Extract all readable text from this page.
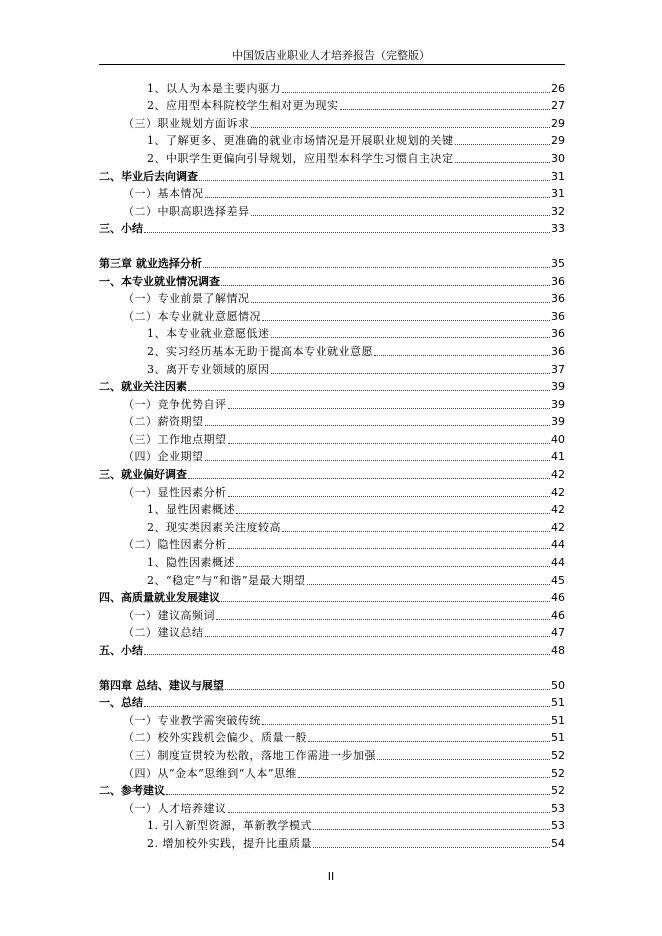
中国饭店业职业人才培养报告（完整版）
1、以人为本是主要内驱力	26
2、应用型本科院校学生相对更为现实	27
（三）职业规划方面诉求	29
1、了解更多、更准确的就业市场情况是开展职业规划的关键	29
2、中职学生更偏向引导规划，应用型本科学生习惯自主决定	30
二、毕业后去向调查	31
（一）基本情况	31
（二）中职高职选择差异	32
三、小结	33
第三章 就业选择分析	35
一、本专业就业情况调查	36
（一）专业前景了解情况	36
（二）本专业就业意愿情况	36
1、本专业就业意愿低迷	36
2、实习经历基本无助于提高本专业就业意愿	36
3、离开专业领域的原因	37
二、就业关注因素	39
（一）竞争优势自评	39
（二）薪资期望	39
（三）工作地点期望	40
（四）企业期望	41
三、就业偏好调查	42
（一）显性因素分析	42
1、显性因素概述	42
2、现实类因素关注度较高	42
（二）隐性因素分析	44
1、隐性因素概述	44
2、“稳定”与“和谐”是最大期望	45
四、高质量就业发展建议	46
（一）建议高频词	46
（二）建议总结	47
五、小结	48
第四章 总结、建议与展望	50
一、总结	51
（一）专业教学需突破传统	51
（二）校外实践机会偏少、质量一般	51
（三）制度宣贯较为松散，落地工作需进一步加强	52
（四）从“金本”思维到“人本”思维	52
二、参考建议	52
（一）人才培养建议	53
1. 引入新型资源，革新教学模式	53
2. 增加校外实践，提升比重质量	54
II
